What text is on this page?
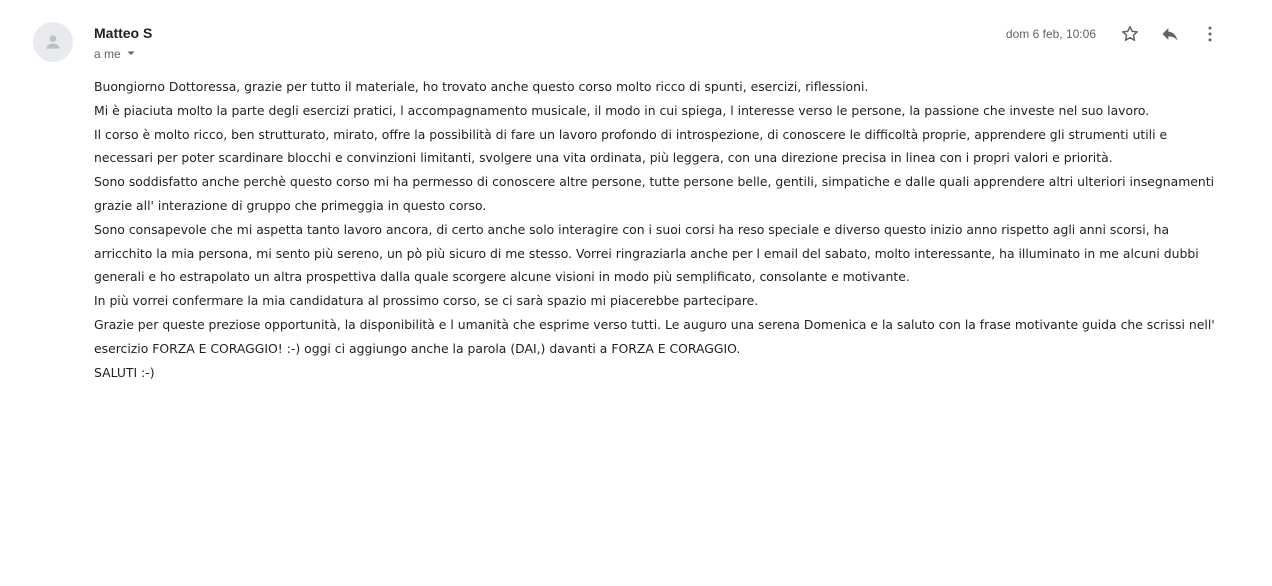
Matteo S
a me
dom 6 feb, 10:06

Buongiorno Dottoressa, grazie per tutto il materiale, ho trovato anche questo corso molto ricco di spunti, esercizi, riflessioni.

Mi è piaciuta molto la parte degli esercizi pratici, l accompagnamento musicale, il modo in cui spiega, l interesse verso le persone, la passione che investe nel suo lavoro.

Il corso è molto ricco, ben strutturato, mirato, offre la possibilità di fare un lavoro profondo di introspezione, di conoscere le difficoltà proprie, apprendere gli strumenti utili e necessari per poter scardinare blocchi e convinzioni limitanti, svolgere una vita ordinata, più leggera, con una direzione precisa in linea con i propri valori e priorità.

Sono soddisfatto anche perchè questo corso mi ha permesso di conoscere altre persone, tutte persone belle, gentili, simpatiche e dalle quali apprendere altri ulteriori insegnamenti grazie all' interazione di gruppo che primeggia in questo corso.

Sono consapevole che mi aspetta tanto lavoro ancora, di certo anche solo interagire con i suoi corsi ha reso speciale e diverso questo inizio anno rispetto agli anni scorsi, ha arricchito la mia persona, mi sento più sereno, un pò più sicuro di me stesso. Vorrei ringraziarla anche per l email del sabato, molto interessante, ha illuminato in me alcuni dubbi generali e ho estrapolato un altra prospettiva dalla quale scorgere alcune visioni in modo più semplificato, consolante e motivante.

In più vorrei confermare la mia candidatura al prossimo corso, se ci sarà spazio mi piacerebbe partecipare.

Grazie per queste preziose opportunità, la disponibilità e l umanità che esprime verso tutti. Le auguro una serena Domenica e la saluto con la frase motivante guida che scrissi nell' esercizio FORZA E CORAGGIO! :-) oggi ci aggiungo anche la parola (DAI,) davanti a FORZA E CORAGGIO.

SALUTI :-)
